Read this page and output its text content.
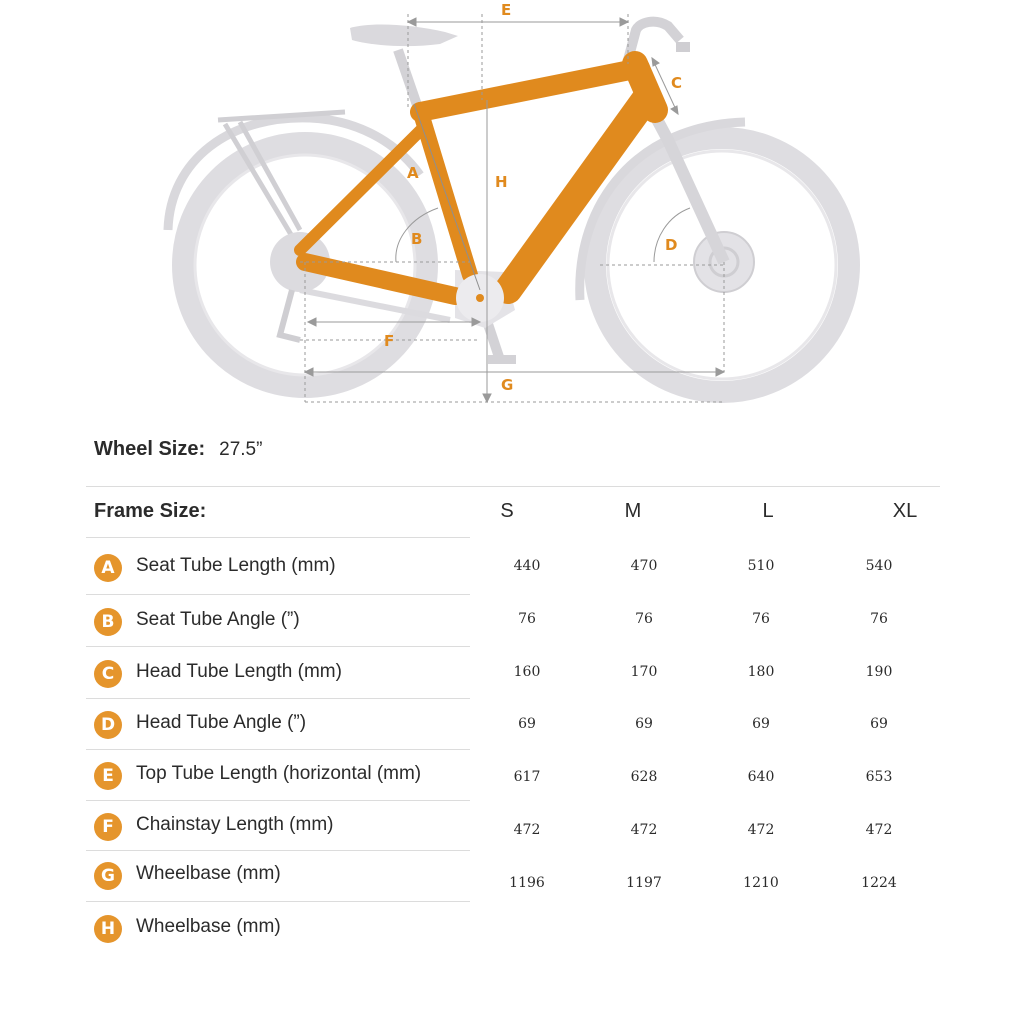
E
C
A	H
B	D
F
G
Wheel Size: 27.5”
Frame Size:	S	M	L	XL
A	Seat Tube Length (mm)	440	470	510	540
B	Seat Tube Angle (”)	76	76	76	76
C	Head Tube Length (mm)	160	170	180	190
D	Head Tube Angle (”)	69	69	69	69
E	Top Tube Length (horizontal (mm)	617	628	640	653
F	Chainstay Length (mm)	472	472	472	472
G	Wheelbase (mm)	1196	1197	1210	1224
H	Wheelbase (mm)
